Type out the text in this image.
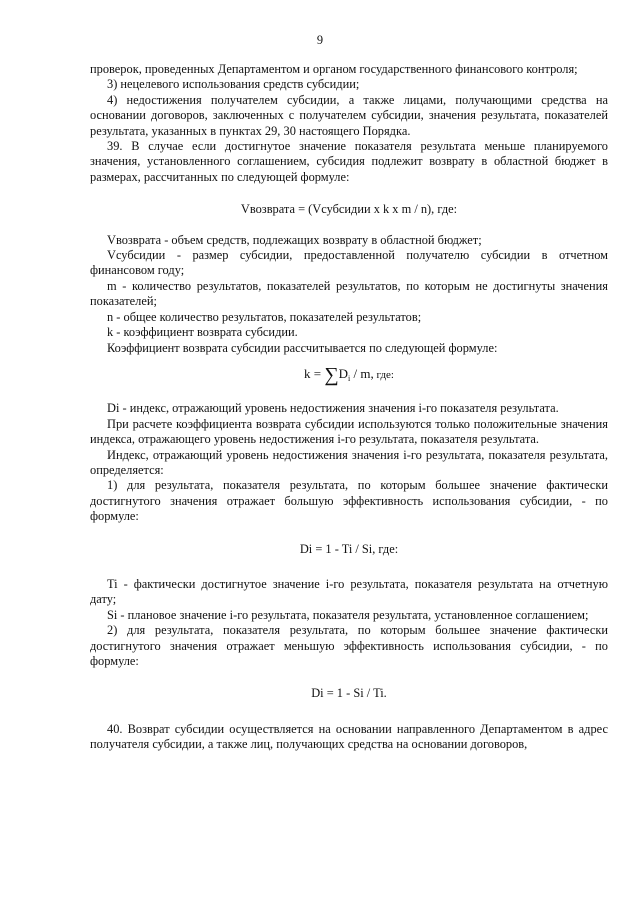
9

проверок, проведенных Департаментом и органом государственного финансового контроля;

3) нецелевого использования средств субсидии;

4) недостижения получателем субсидии, а также лицами, получающими средства на основании договоров, заключенных с получателем субсидии, значения результата, показателей результата, указанных в пунктах 29, 30 настоящего Порядка.

39. В случае если достигнутое значение показателя результата меньше планируемого значения, установленного соглашением, субсидия подлежит возврату в областной бюджет в размерах, рассчитанных по следующей формуле:

Vвозврата = (Vсубсидии x k x m / n), где:

Vвозврата - объем средств, подлежащих возврату в областной бюджет;

Vсубсидии - размер субсидии, предоставленной получателю субсидии в отчетном финансовом году;

m - количество результатов, показателей результатов, по которым не достигнуты значения показателей;

n - общее количество результатов, показателей результатов;

k - коэффициент возврата субсидии.

Коэффициент возврата субсидии рассчитывается по следующей формуле:

$k = \sum D_i / m$, где:

Di - индекс, отражающий уровень недостижения значения i-го показателя результата.

При расчете коэффициента возврата субсидии используются только положительные значения индекса, отражающего уровень недостижения i-го результата, показателя результата.

Индекс, отражающий уровень недостижения значения i-го результата, показателя результата, определяется:

1) для результата, показателя результата, по которым большее значение фактически достигнутого значения отражает большую эффективность использования субсидии, - по формуле:

Di = 1 - Ti / Si, где:

Ti - фактически достигнутое значение i-го результата, показателя результата на отчетную дату;

Si - плановое значение i-го результата, показателя результата, установленное соглашением;

2) для результата, показателя результата, по которым большее значение фактически достигнутого значения отражает меньшую эффективность использования субсидии, - по формуле:

Di = 1 - Si / Ti.

40. Возврат субсидии осуществляется на основании направленного Департаментом в адрес получателя субсидии, а также лиц, получающих средства на основании договоров,
